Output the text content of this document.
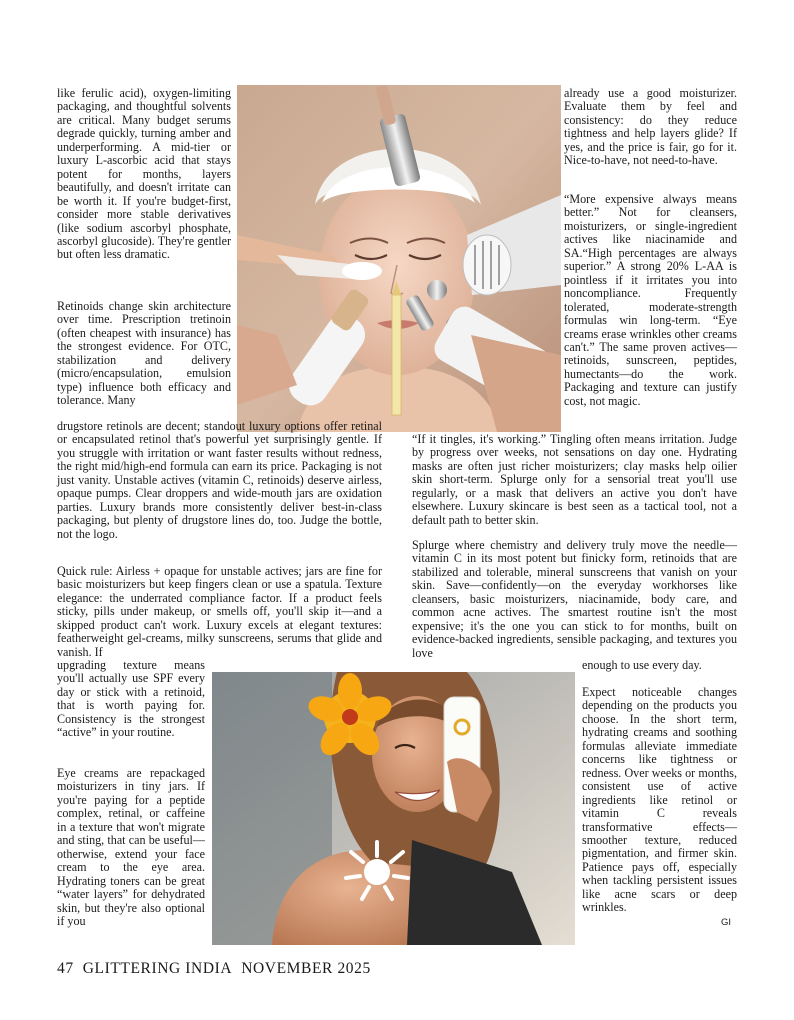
like ferulic acid), oxygen-limiting packaging, and thoughtful solvents are critical. Many budget serums degrade quickly, turning amber and underperforming. A mid-tier or luxury L-ascorbic acid that stays potent for months, layers beautifully, and doesn't irritate can be worth it. If you're budget-first, consider more stable derivatives (like sodium ascorbyl phosphate, ascorbyl glucoside). They're gentler but often less dramatic.

Retinoids change skin architecture over time. Prescription tretinoin (often cheapest with insurance) has the strongest evidence. For OTC, stabilization and delivery (micro/encapsulation, emulsion type) influence both efficacy and tolerance. Many

drugstore retinols are decent; standout luxury options offer retinal or encapsulated retinol that's powerful yet surprisingly gentle. If you struggle with irritation or want faster results without redness, the right mid/high-end formula can earn its price. Packaging is not just vanity. Unstable actives (vitamin C, retinoids) deserve airless, opaque pumps. Clear droppers and wide-mouth jars are oxidation parties. Luxury brands more consistently deliver best-in-class packaging, but plenty of drugstore lines do, too. Judge the bottle, not the logo.

Quick rule: Airless + opaque for unstable actives; jars are fine for basic moisturizers but keep fingers clean or use a spatula. Texture elegance: the underrated compliance factor. If a product feels sticky, pills under makeup, or smells off, you'll skip it—and a skipped product can't work. Luxury excels at elegant textures: featherweight gel-creams, milky sunscreens, serums that glide and vanish. If

upgrading texture means you'll actually use SPF every day or stick with a retinoid, that is worth paying for. Consistency is the strongest “active” in your routine.

Eye creams are repackaged moisturizers in tiny jars. If you're paying for a peptide complex, retinal, or caffeine in a texture that won't migrate and sting, that can be useful—otherwise, extend your face cream to the eye area. Hydrating toners can be great “water layers” for dehydrated skin, but they're also optional if you

already use a good moisturizer. Evaluate them by feel and consistency: do they reduce tightness and help layers glide? If yes, and the price is fair, go for it. Nice-to-have, not need-to-have.

“More expensive always means better.” Not for cleansers, moisturizers, or single-ingredient actives like niacinamide and SA.“High percentages are always superior.” A strong 20% L-AA is pointless if it irritates you into noncompliance. Frequently tolerated, moderate-strength formulas win long-term. “Eye creams erase wrinkles other creams can't.” The same proven actives—retinoids, sunscreen, peptides, humectants—do the work. Packaging and texture can justify cost, not magic.

“If it tingles, it's working.” Tingling often means irritation. Judge by progress over weeks, not sensations on day one. Hydrating masks are often just richer moisturizers; clay masks help oilier skin short-term. Splurge only for a sensorial treat you'll use regularly, or a mask that delivers an active you don't have elsewhere. Luxury skincare is best seen as a tactical tool, not a default path to better skin.

Splurge where chemistry and delivery truly move the needle—vitamin C in its most potent but finicky form, retinoids that are stabilized and tolerable, mineral sunscreens that vanish on your skin. Save—confidently—on the everyday workhorses like cleansers, basic moisturizers, niacinamide, body care, and common acne actives. The smartest routine isn't the most expensive; it's the one you can stick to for months, built on evidence-backed ingredients, sensible packaging, and textures you love

enough to use every day.

Expect noticeable changes depending on the products you choose. In the short term, hydrating creams and soothing formulas alleviate immediate concerns like tightness or redness. Over weeks or months, consistent use of active ingredients like retinol or vitamin C reveals transformative effects—smoother texture, reduced pigmentation, and firmer skin. Patience pays off, especially when tackling persistent issues like acne scars or deep wrinkles.

GI
47 GLITTERING INDIA NOVEMBER 2025
